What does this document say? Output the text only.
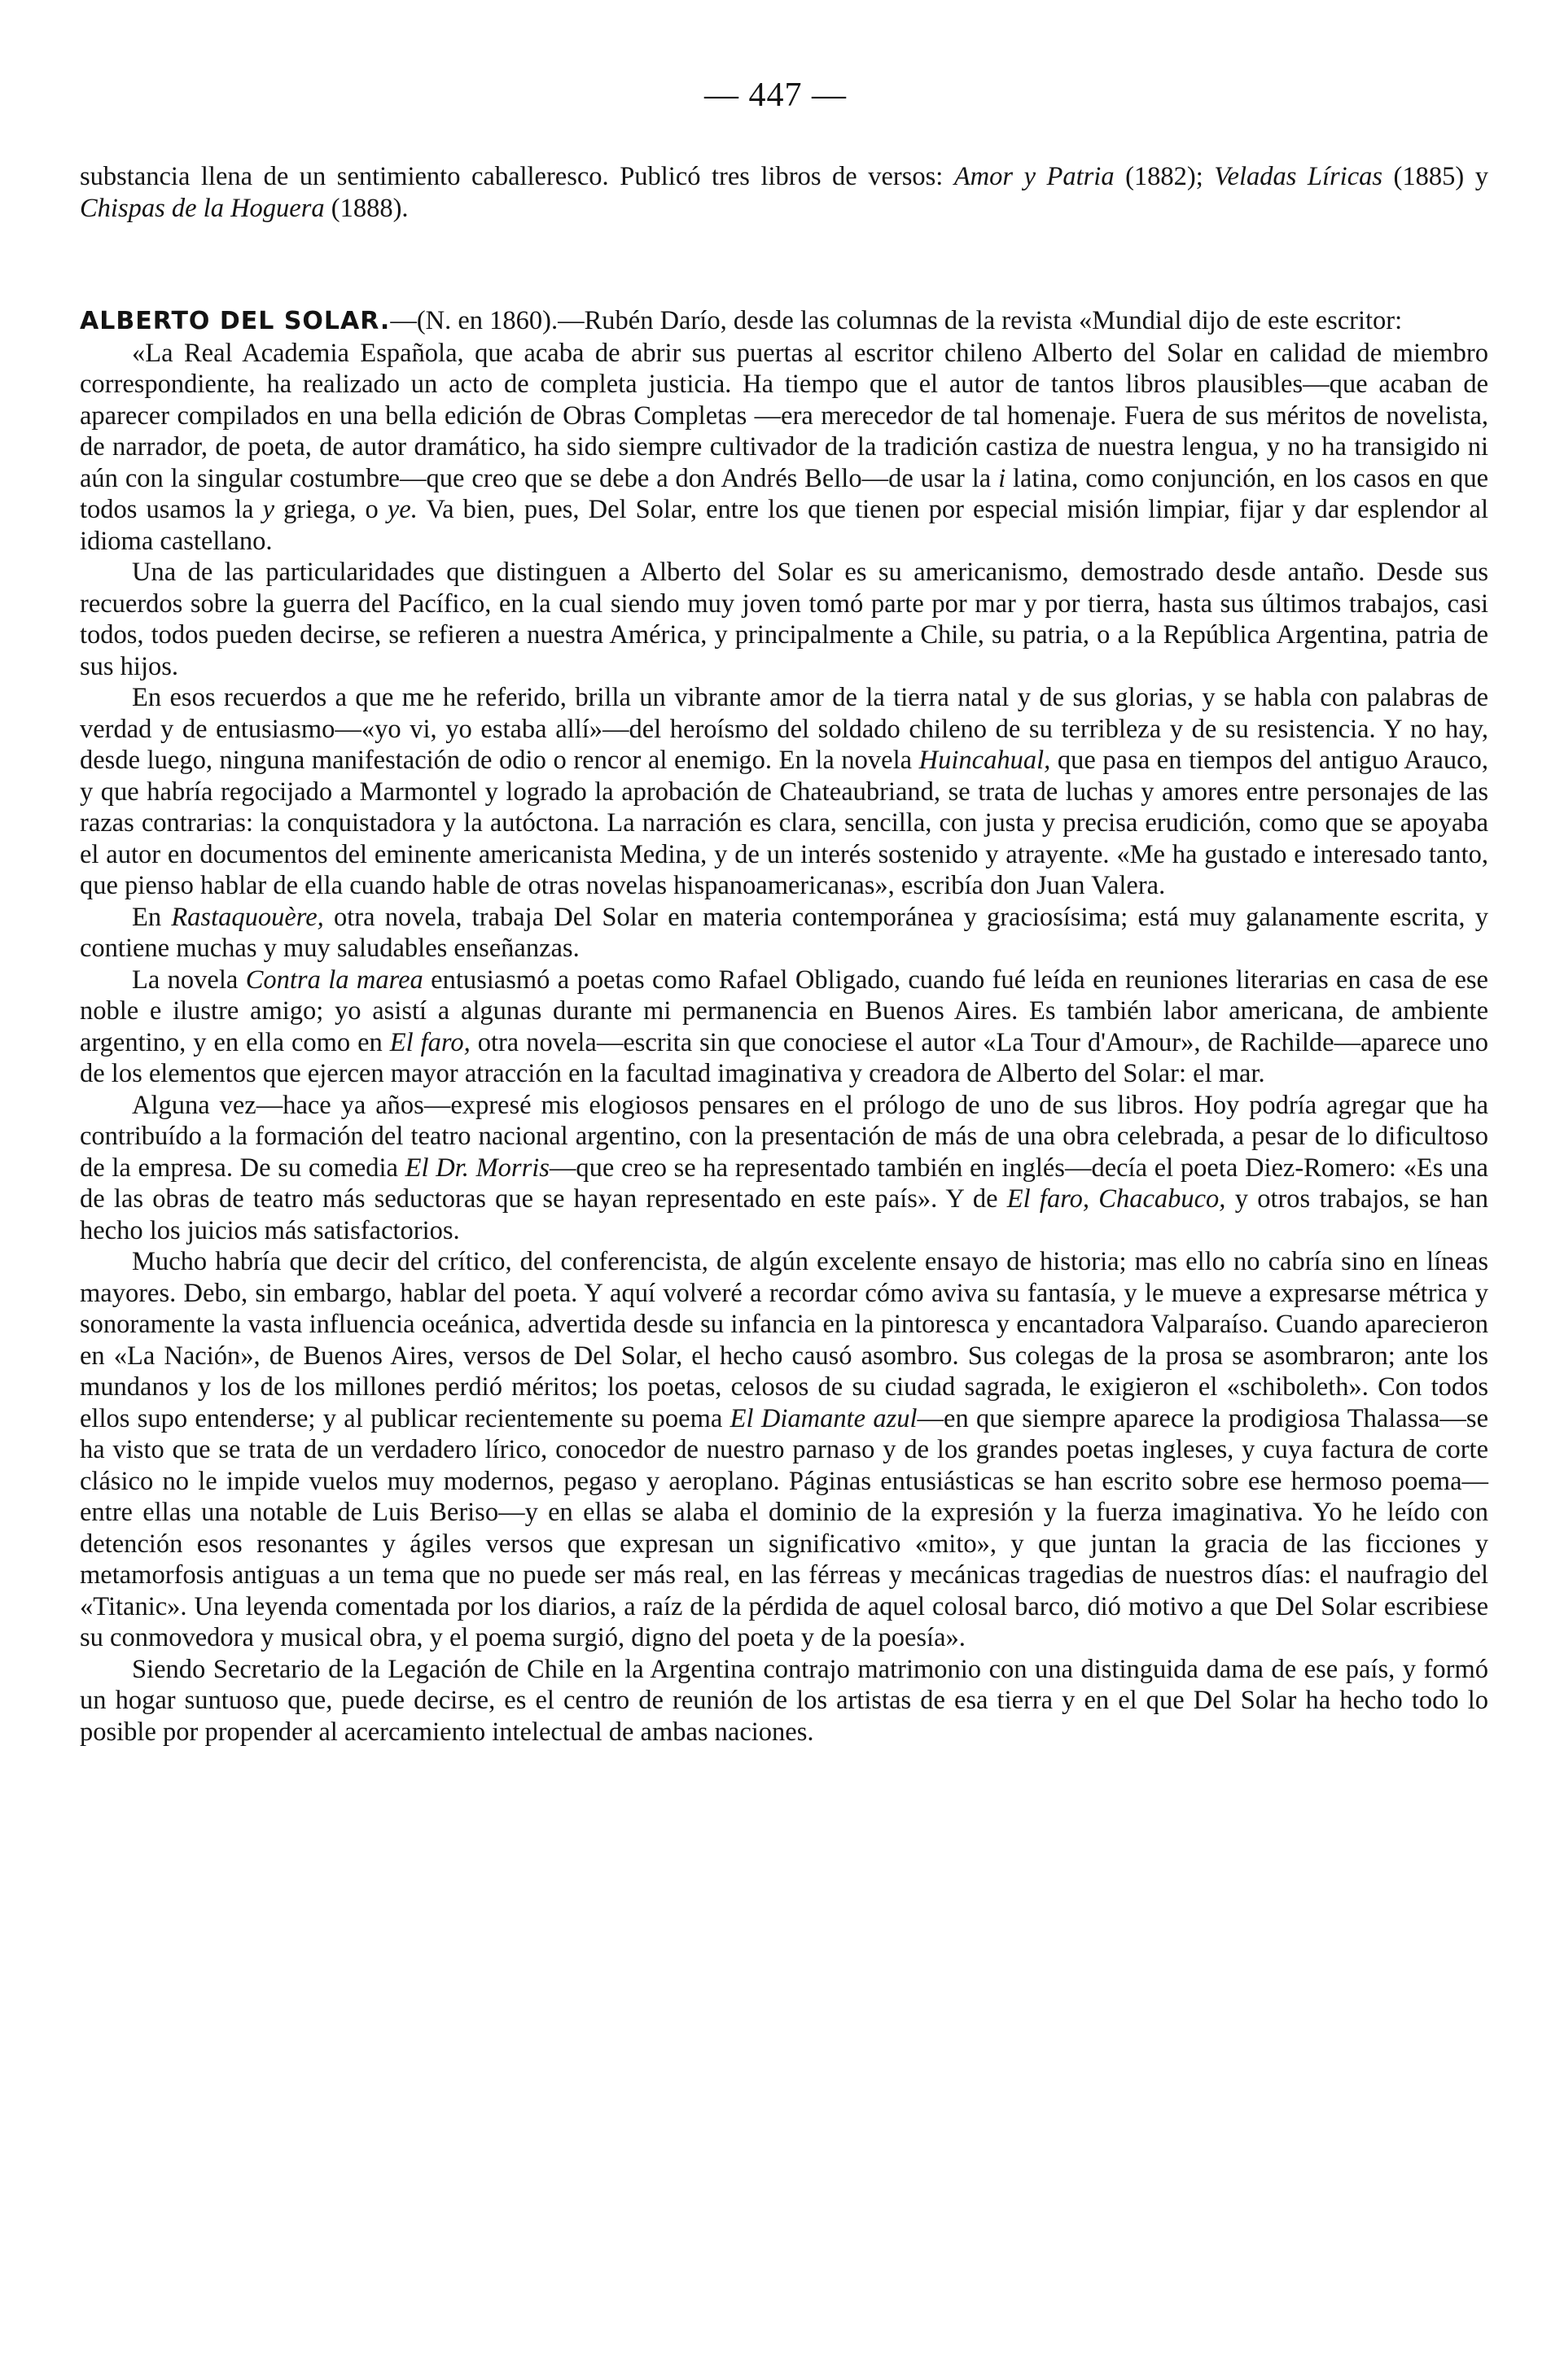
— 447 —

substancia llena de un sentimiento caballeresco. Publicó tres libros de versos: Amor y Patria (1882); Veladas Líricas (1885) y Chispas de la Hoguera (1888).

ALBERTO DEL SOLAR.—(N. en 1860).—Rubén Darío, desde las columnas de la revista «Mundial dijo de este escritor:

«La Real Academia Española, que acaba de abrir sus puertas al escritor chileno Alberto del Solar en calidad de miembro correspondiente, ha realizado un acto de completa justicia. Ha tiempo que el autor de tantos libros plausibles—que acaban de aparecer compilados en una bella edición de Obras Completas —era merecedor de tal homenaje. Fuera de sus méritos de novelista, de narrador, de poeta, de autor dramático, ha sido siempre cultivador de la tradición castiza de nuestra lengua, y no ha transigido ni aún con la singular costumbre—que creo que se debe a don Andrés Bello—de usar la i latina, como conjunción, en los casos en que todos usamos la y griega, o ye. Va bien, pues, Del Solar, entre los que tienen por especial misión limpiar, fijar y dar esplendor al idioma castellano.

Una de las particularidades que distinguen a Alberto del Solar es su americanismo, demostrado desde antaño. Desde sus recuerdos sobre la guerra del Pacífico, en la cual siendo muy joven tomó parte por mar y por tierra, hasta sus últimos trabajos, casi todos, todos pueden decirse, se refieren a nuestra América, y principalmente a Chile, su patria, o a la República Argentina, patria de sus hijos.

En esos recuerdos a que me he referido, brilla un vibrante amor de la tierra natal y de sus glorias, y se habla con palabras de verdad y de entusiasmo—«yo vi, yo estaba allí»—del heroísmo del soldado chileno de su terribleza y de su resistencia. Y no hay, desde luego, ninguna manifestación de odio o rencor al enemigo. En la novela Huincahual, que pasa en tiempos del antiguo Arauco, y que habría regocijado a Marmontel y logrado la aprobación de Chateaubriand, se trata de luchas y amores entre personajes de las razas contrarias: la conquistadora y la autóctona. La narración es clara, sencilla, con justa y precisa erudición, como que se apoyaba el autor en documentos del eminente americanista Medina, y de un interés sostenido y atrayente. «Me ha gustado e interesado tanto, que pienso hablar de ella cuando hable de otras novelas hispanoamericanas», escribía don Juan Valera.

En Rastaquouère, otra novela, trabaja Del Solar en materia contemporánea y graciosísima; está muy galanamente escrita, y contiene muchas y muy saludables enseñanzas.

La novela Contra la marea entusiasmó a poetas como Rafael Obligado, cuando fué leída en reuniones literarias en casa de ese noble e ilustre amigo; yo asistí a algunas durante mi permanencia en Buenos Aires. Es también labor americana, de ambiente argentino, y en ella como en El faro, otra novela—escrita sin que conociese el autor «La Tour d'Amour», de Rachilde—aparece uno de los elementos que ejercen mayor atracción en la facultad imaginativa y creadora de Alberto del Solar: el mar.

Alguna vez—hace ya años—expresé mis elogiosos pensares en el prólogo de uno de sus libros. Hoy podría agregar que ha contribuído a la formación del teatro nacional argentino, con la presentación de más de una obra celebrada, a pesar de lo dificultoso de la empresa. De su comedia El Dr. Morris—que creo se ha representado también en inglés—decía el poeta Diez-Romero: «Es una de las obras de teatro más seductoras que se hayan representado en este país». Y de El faro, Chacabuco, y otros trabajos, se han hecho los juicios más satisfactorios.

Mucho habría que decir del crítico, del conferencista, de algún excelente ensayo de historia; mas ello no cabría sino en líneas mayores. Debo, sin embargo, hablar del poeta. Y aquí volveré a recordar cómo aviva su fantasía, y le mueve a expresarse métrica y sonoramente la vasta influencia oceánica, advertida desde su infancia en la pintoresca y encantadora Valparaíso. Cuando aparecieron en «La Nación», de Buenos Aires, versos de Del Solar, el hecho causó asombro. Sus colegas de la prosa se asombraron; ante los mundanos y los de los millones perdió méritos; los poetas, celosos de su ciudad sagrada, le exigieron el «schiboleth». Con todos ellos supo entenderse; y al publicar recientemente su poema El Diamante azul—en que siempre aparece la prodigiosa Thalassa—se ha visto que se trata de un verdadero lírico, conocedor de nuestro parnaso y de los grandes poetas ingleses, y cuya factura de corte clásico no le impide vuelos muy modernos, pegaso y aeroplano. Páginas entusiásticas se han escrito sobre ese hermoso poema—entre ellas una notable de Luis Beriso—y en ellas se alaba el dominio de la expresión y la fuerza imaginativa. Yo he leído con detención esos resonantes y ágiles versos que expresan un significativo «mito», y que juntan la gracia de las ficciones y metamorfosis antiguas a un tema que no puede ser más real, en las férreas y mecánicas tragedias de nuestros días: el naufragio del «Titanic». Una leyenda comentada por los diarios, a raíz de la pérdida de aquel colosal barco, dió motivo a que Del Solar escribiese su conmovedora y musical obra, y el poema surgió, digno del poeta y de la poesía».

Siendo Secretario de la Legación de Chile en la Argentina contrajo matrimonio con una distinguida dama de ese país, y formó un hogar suntuoso que, puede decirse, es el centro de reunión de los artistas de esa tierra y en el que Del Solar ha hecho todo lo posible por propender al acercamiento intelectual de ambas naciones.
